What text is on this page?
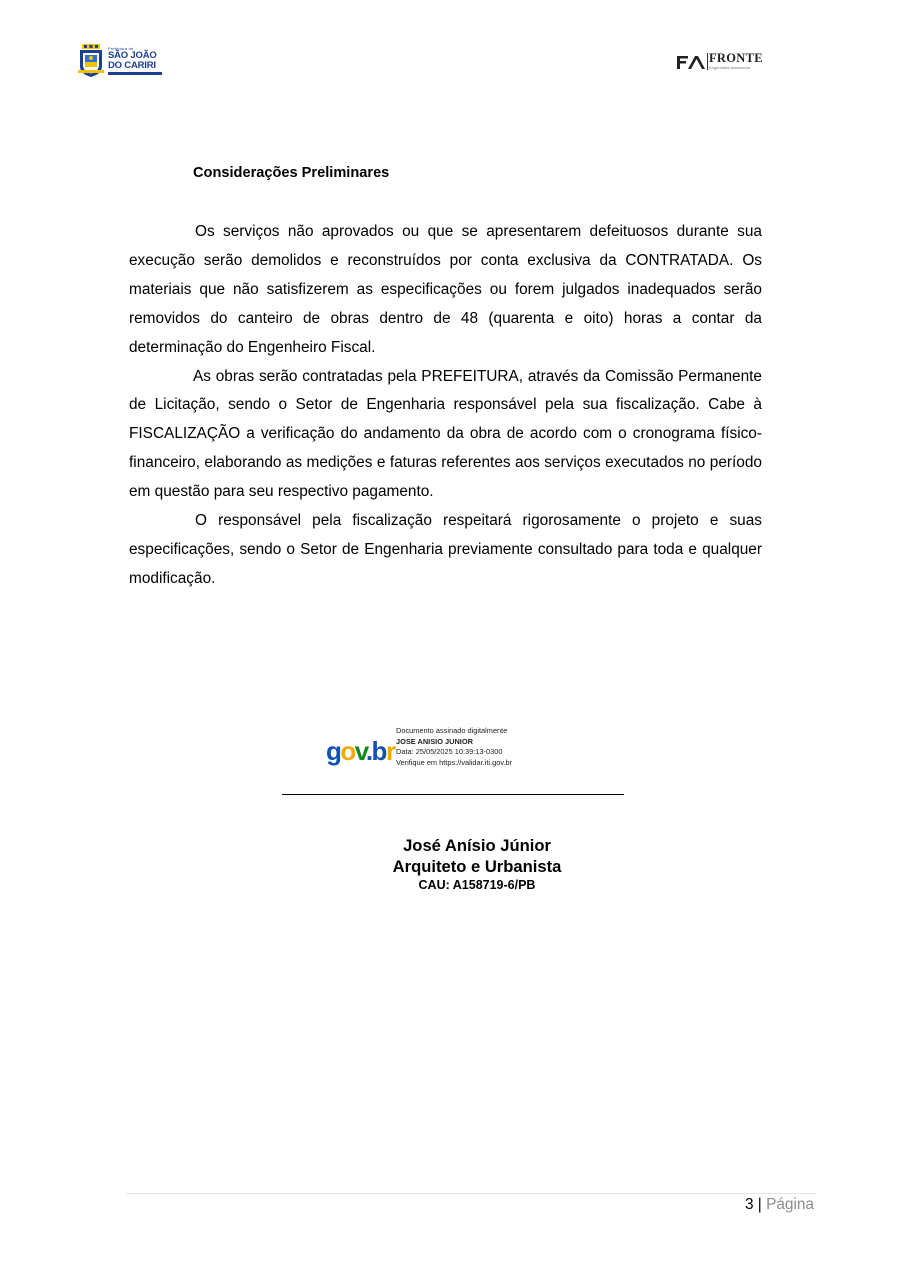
Prefeitura de
SÃO JOÃO
DO CARIRI
FRONTE
Engenharia Assessoria
Considerações Preliminares

Os serviços não aprovados ou que se apresentarem defeituosos durante sua execução serão demolidos e reconstruídos por conta exclusiva da CONTRATADA. Os materiais que não satisfizerem as especificações ou forem julgados inadequados serão removidos do canteiro de obras dentro de 48 (quarenta e oito) horas a contar da determinação do Engenheiro Fiscal.

As obras serão contratadas pela PREFEITURA, através da Comissão Permanente de Licitação, sendo o Setor de Engenharia responsável pela sua fiscalização. Cabe à FISCALIZAÇÃO a verificação do andamento da obra de acordo com o cronograma físico-financeiro, elaborando as medições e faturas referentes aos serviços executados no período em questão para seu respectivo pagamento.

O responsável pela fiscalização respeitará rigorosamente o projeto e suas especificações, sendo o Setor de Engenharia previamente consultado para toda e qualquer modificação.

gov.br
Documento assinado digitalmente
JOSE ANISIO JUNIOR
Data: 25/05/2025 10:39:13-0300
Verifique em https://validar.iti.gov.br
José Anísio Júnior
Arquiteto e Urbanista
CAU: A158719-6/PB
3 | Página
